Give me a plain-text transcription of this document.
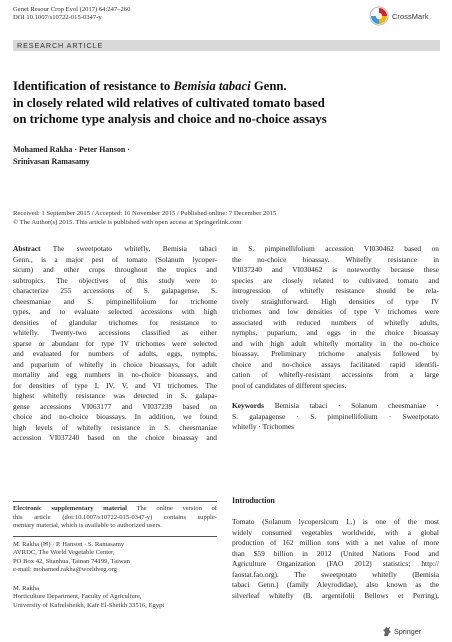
Genet Resour Crop Evol (2017) 64:247–260
DOI 10.1007/s10722-015-0347-y	CrossMark
RESEARCH ARTICLE
Identification of resistance to Bemisia tabaci Genn.
in closely related wild relatives of cultivated tomato based
on trichome type analysis and choice and no-choice assays
Mohamed Rakha · Peter Hanson ·
Srinivasan Ramasamy
Received: 1 September 2015 / Accepted: 16 November 2015 / Published online: 7 December 2015
© The Author(s) 2015. This article is published with open access at Springerlink.com
Abstract The sweetpotato whitefly, Bemisia tabaci
Genn., is a major pest of tomato (Solanum lycoper-
sicum) and other crops throughout the tropics and
subtropics. The objectives of this study were to
characterize 255 accessions of S. galapagense, S.
cheesmaniae and S. pimpinellifolium for trichome
types, and to evaluate selected accessions with high
densities of glandular trichomes for resistance to
whitefly. Twenty-two accessions classified as either
sparse or abundant for type IV trichomes were selected
and evaluated for numbers of adults, eggs, nymphs,
and puparium of whitefly in choice bioassays, for adult
mortality and egg numbers in no-choice bioassays, and
for densities of type I, IV, V, and VI trichomes. The
highest whitefly resistance was detected in S. galapa-
gense accessions VI063177 and VI037239 based on
choice and no-choice bioassays. In addition, we found
high levels of whitefly resistance in S. cheesmaniae
accession VI037240 based on the choice bioassay and
in S. pimpinellifolium accession VI030462 based on
the no-choice bioassay. Whitefly resistance in
VI037240 and VI030462 is noteworthy because these
species are closely related to cultivated tomato and
introgression of whitefly resistance should be rela-
tively straightforward. High densities of type IV
trichomes and low densities of type V trichomes were
associated with reduced numbers of whitefly adults,
nymphs, puparium, and eggs in the choice bioassay
and with high adult whitefly mortality in the no-choice
bioassay. Preliminary trichome analysis followed by
choice and no-choice assays facilitated rapid identifi-
cation of whitefly-resistant accessions from a large
pool of candidates of different species.
Keywords Bemisia tabaci · Solanum cheesmaniae ·
S. galapagense · S. pimpinellifolium · Sweetpotato
whitefly · Trichomes
Electronic supplementary material The online version of
this article (doi:10.1007/s10722-015-0347-y) contains supple-
mentary material, which is available to authorized users.
M. Rakha (✉) · P. Hanson · S. Ramasamy
AVRDC, The World Vegetable Center,
PO Box 42, Shanhua, Tainan 74199, Taiwan
e-mail: mohamed.rakha@worldveg.org
M. Rakha
Horticulture Department, Faculty of Agriculture,
University of Kafrelsheikh, Kafr El-Sheikh 33516, Egypt
Introduction
Tomato (Solanum lycopersicum L.) is one of the most
widely consumed vegetables worldwide, with a global
production of 162 million tons with a net value of more
than $59 billion in 2012 (United Nations Food and
Agriculture Organization (FAO 2012) statistics; http://
faostat.fao.org). The sweetpotato whitefly (Bemisia
tabaci Genn.) (family Aleyrodidae), also known as the
silverleaf whitefly (B. argentifolii Bellows et Perring),
Springer
